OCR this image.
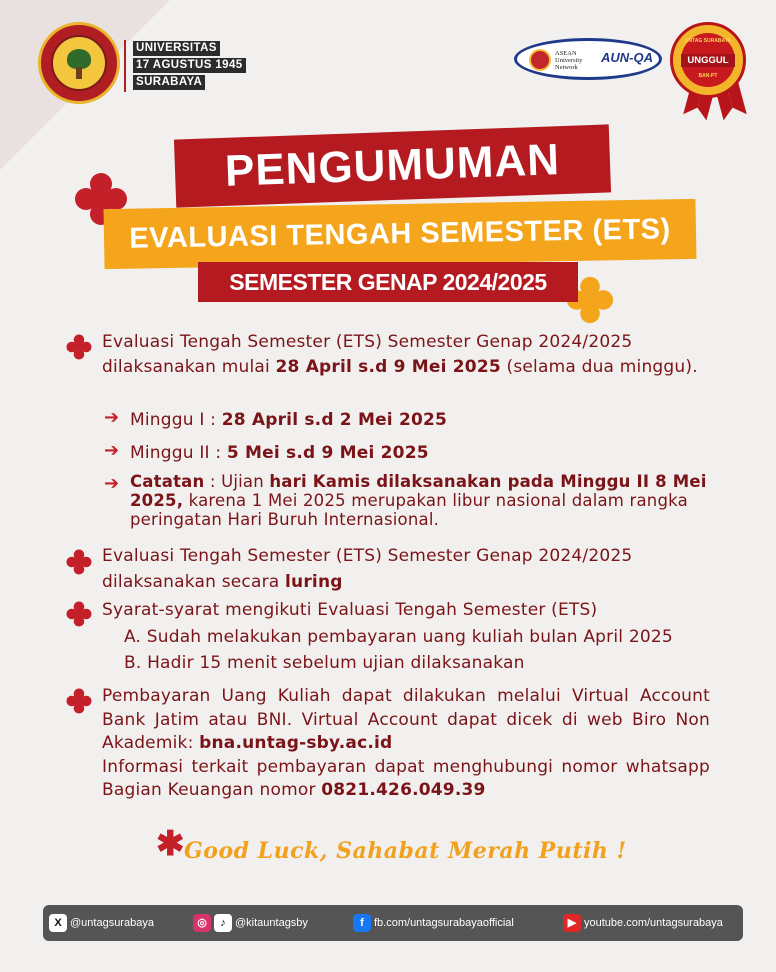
UNIVERSITAS
17 AGUSTUS 1945
SURABAYA
ASEAN University Network
AUN-QA
UNTAG SURABAYA
UNGGUL
BAN-PT
EVALUASI TENGAH SEMESTER (ETS)
PENGUMUMAN
SEMESTER GENAP 2024/2025
Evaluasi Tengah Semester (ETS) Semester Genap 2024/2025 dilaksanakan mulai 28 April s.d 9 Mei 2025 (selama dua minggu).
➔ Minggu I : 28 April s.d 2 Mei 2025
➔ Minggu II : 5 Mei s.d 9 Mei 2025
➔ Catatan : Ujian hari Kamis dilaksanakan pada Minggu II 8 Mei 2025, karena 1 Mei 2025 merupakan libur nasional dalam rangka peringatan Hari Buruh Internasional.
Evaluasi Tengah Semester (ETS) Semester Genap 2024/2025 dilaksanakan secara luring
Syarat-syarat mengikuti Evaluasi Tengah Semester (ETS)
A. Sudah melakukan pembayaran uang kuliah bulan April 2025
B. Hadir 15 menit sebelum ujian dilaksanakan
Pembayaran Uang Kuliah dapat dilakukan melalui Virtual Account Bank Jatim atau BNI. Virtual Account dapat dicek di web Biro Non Akademik: bna.untag-sby.ac.id
Informasi terkait pembayaran dapat menghubungi nomor whatsapp Bagian Keuangan nomor 0821.426.049.39
✱ Good Luck, Sahabat Merah Putih !
X @untagsurabaya	◎ ♪ @kitauntagsby	f fb.com/untagsurabayaofficial	▶ youtube.com/untagsurabaya
